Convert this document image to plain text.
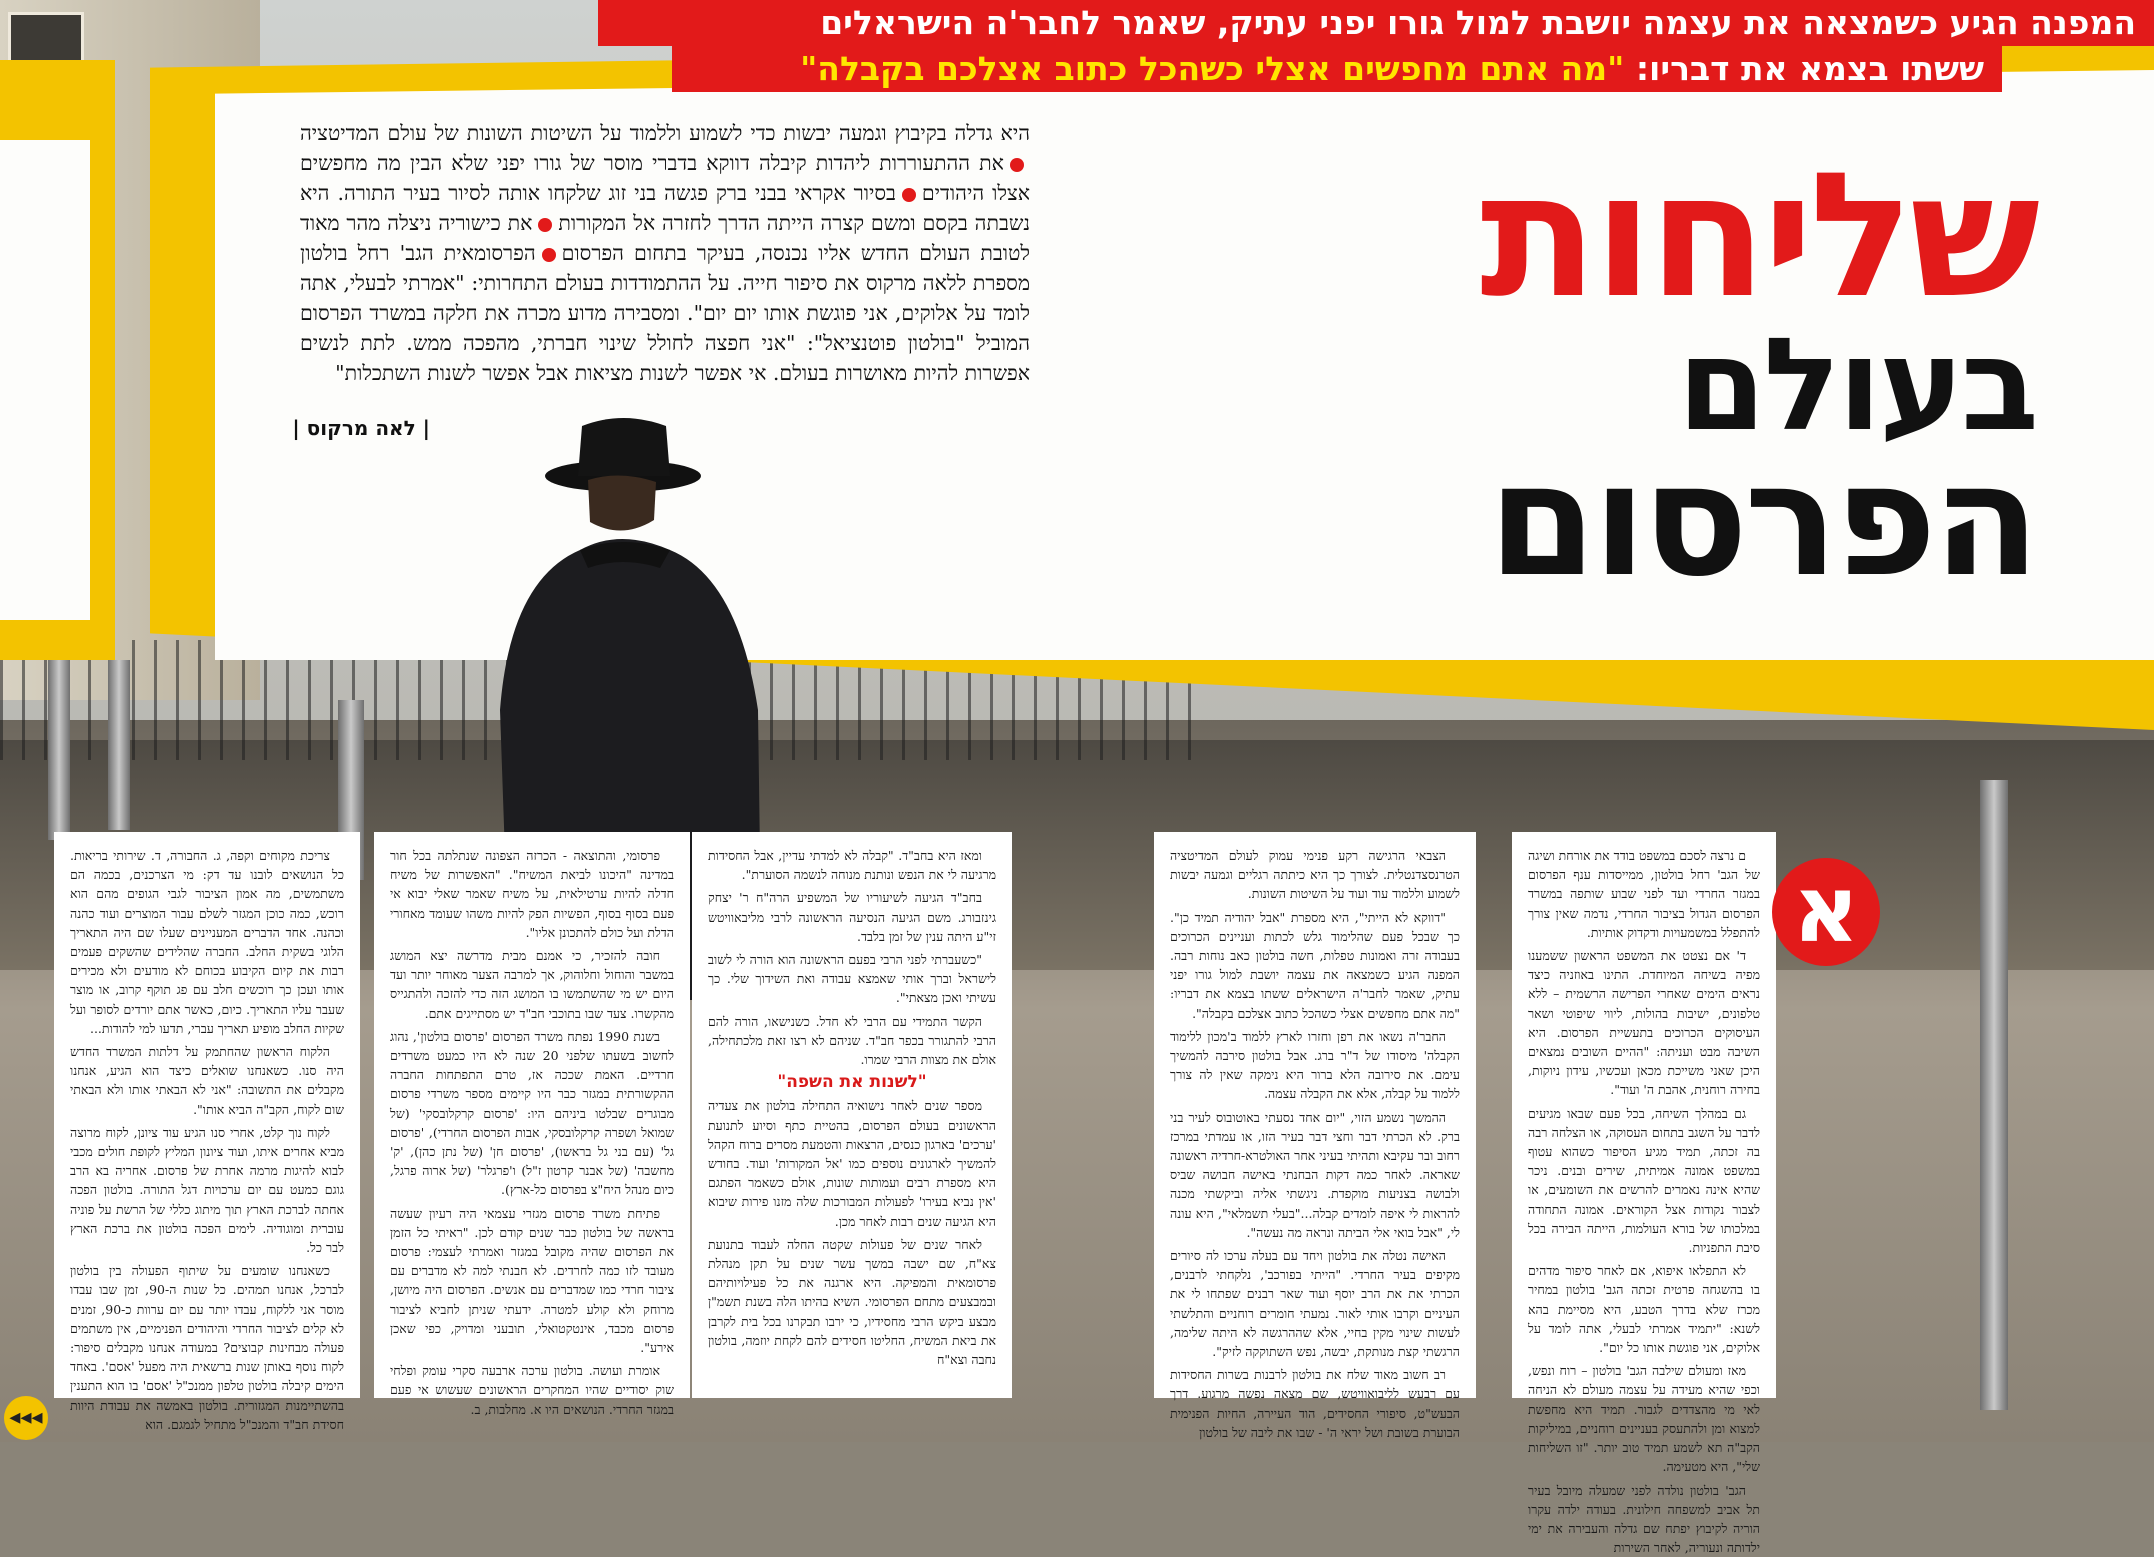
המפנה הגיע כשמצאה את עצמה יושבת למול גורו יפני עתיק, שאמר לחבר'ה הישראלים
ששתו בצמא את דבריו: "מה אתם מחפשים אצלי כשהכל כתוב אצלכם בקבלה"
שליחות
בעולם
הפרסום
היא גדלה בקיבוץ וגמעה יבשות כדי לשמוע וללמוד על השיטות השונות של עולם המדיטציהאת ההתעוררות ליהדות קיבלה דווקא בדברי מוסר של גורו יפני שלא הבין מה מחפשים אצלו היהודיםבסיור אקראי בבני ברק פגשה בני זוג שלקחו אותה לסיור בעיר התורה. היא נשבתה בקסם ומשם קצרה הייתה הדרך לחזרה אל המקורותאת כישוריה ניצלה מהר מאוד לטובת העולם החדש אליו נכנסה, בעיקר בתחום הפרסוםהפרסומאית הגב' רחל בולטון מספרת ללאה מרקוס את סיפור חייה. על ההתמודדות בעולם התחרותי: "אמרתי לבעלי, אתה לומד על אלוקים, אני פוגשת אותו יום יום". ומסבירה מדוע מכרה את חלקה במשרד הפרסום המוביל "בולטון פוטנציאל": "אני חפצה לחולל שינוי חברתי, מהפכה ממש. לתת לנשים אפשרות להיות מאושרות בעולם. אי אפשר לשנות מציאות אבל אפשר לשנות השתכלות"
| לאה מרקוס |

ם נרצה לסכם במשפט בודד את אורחת ושיגה של הגב' רחל בולטון, ממייסדות ענף הפרסום במגזר החרדי ועד לפני שבוע שותפה במשרד הפרסום הגדול בציבור החרדי, נדמה שאין צורך להתפלל במשמעויות ודקדוק אותיות.

ד' אם נצטט את המשפט הראשון ששמענו מפיה בשיחה המיוחדת. התינו באוזניה כיצד נראים הימים שאחרי הפרישה הרשמית – ללא טלפונים, ישיבות בהולות, ליווי שיפוטי ושאר העיסוקים הכרוכים בתעשיית הפרסום. היא השיבה מבט ועניתה: "ההיים השובים נמצאים היכן שאני משייכת מכאן ועכשיו, עידון ניוקות, בחירה רוחנית, אהבת ה' ועוד".

גם במהלך השיחה, בכל פעם שבאו מגיעים לדבר על השגב בתחום העסוקה, או הצלחה רבה בה זכתה, תמיד מגיע הסיפור כשהוא עטוף במשפט אמונה אמיתית, שירים ובנים. ניכר שהיא אינה נאמרים להרשים את השומעים, או לצבור נקודות אצל הקוראים. אמונה התחודה במלכותו של בורא העולמות, הייתה הבירה בכל סיבת התפניות.

לא התפלאו איפוא, אם לאחר סיפור מדהים בו בהשגחה פרטית זכתה הגב' בולטון במחיר מכרז שלא בדרך הטבע, היא מסיימת בהא לשנא: "יתמיד אמרתי לבעלי, אתה לומד על אלוקים, אני פוגשת אותו כל יום".

מאז ומעולם שילבה הגב' בולטון – רוח ונפש, וכפי שהיא מעידה על עצמה מעולם לא הניחה לאי מי מהצדדים לגבור. תמיד היא מחפשת למצוא ומן ולהתעסק בעניינים רוחניים, במיליקות הקב"ה תא לשמע תמיד טוב יותר. "זו השליחות שלי", היא מטעימה.

הגב' בולטון נולדה לפני שמעלה מיובל בעיר תל אביב למשפחה חילונית. בעודה ילדה עקרו הוריה לקיבוץ יפתח שם גדלה והעבירה את ימי ילדותה ונעוריה, לאחר השירות

הצבאי הרגישה רקע פנימי עמוק לעולם המדיטציה הטרנסצדנטלית. לצורך כך היא כיתתה רגליים וגמעה יבשות לשמוע וללמוד עוד ועוד על השיטות השונות.

"דווקא לא הייתי", היא מספרת "אבל יהודיה תמיד כן". כך שבכל פעם שהלימוד גלש לכתות ועניינים הכרוכים בעבודה זרה ואמונות טפלות, חשה בולטון כאב נוחות רבה. המפנה הגיע כשמצאה את עצמה יושבת למול גורו יפני עתיק, שאמר לחבר'ה הישראלים ששתו בצמא את דבריו: "מה אתם מחפשים אצלי כשהכל כתוב אצלכם בקבלה".

החבר'ה נשאו את רפן וחזרו לארץ ללמוד ב'מכון ללימוד הקבלה' מיסודו של ד"ר ברג. אבל בולטון סירבה להמשיך עימם. את סירובה הלא ברור היא נימקה שאין לה צורך ללמוד על קבלה, אלא את הקבלה עצמה.

ההמשך נשמע הזוי, "יום אחד נסעתי באוטובוס לעיר בני ברק. לא הכרתי דבר וחצי דבר בעיר הזו, או עמדתי במרכז רחוב ובר עקיבא ותהיתי בעיני אחר האולטרא-חרדיה ראשונה שאראה. לאחר כמה דקות הבחנתי באישה חבושה שביס ולבושה בצניעות מוקפדת. ניגשתי אליה וביקשתי מכנה להראות לי איפה לומדים קבלה..."בעלי תשמלאי", היא עונה לי, "אבל בואי אלי הביתה ונראה מה נעשה".

האישה נטלה את בולטון ויחד עם בעלה ערכו לה סיורים מקיפים בעיר החרדי. "הייתי בפורכב', נלקחתי לרבנים, הכרתי את את הרב יוסף ועוד שאר רבנים שפתחו לי את העיניים וקרבו אותי לאור. נמעתי חומרים רוחניים והתלשתי לעשות שינוי מקין בחיי, אלא שההרגשה לא היתה שלימה, הרגשתי קצת מנותקת, יבשה, נפש השתוקקה לזיק".

רב חשוב מאוד שלח את בולטון לרבנות בשרות החסידות עם רבעש לליבואוויטש, שם מצאה נפשה מרגוע. דרך הבעש"ט, סיפורי החסידים, הוד העיירה, החיות הפנימית הבוערת בשובת ושל יראי ה' - שבו את ליבה של בולטון

ומאז היא בחב"ד. "קבלה לא למדתי עדיין, אבל החסידות מרגיעה לי את הנפש ונותנת מנוחה לנשמה הסוערת".

בחב"ד הגיעה לשיעוריו של המשפיע הרה"ח ר' יצחק גינזבורג. משם הגיעה הנסיעה הראשונה לרבי מליבאוויטש זי"ע היתה ענין של זמן בלבד.

"כשעברתי לפני הרבי בפעם הראשונה הוא הורה לי לשוב לישראל וברך אותי שאמצא עבודה ואת השידוך שלי. כך עשיתי ואכן מצאתי".

הקשר התמידי עם הרבי לא חדל. כשנישאו, הורה להם הרבי להתגורר בכפר חב"ד. שניהם לא רצו זאת מלכתחילה, אולם את מצוות הרבי שמרו.

"לשנות את השפה"

מספר שנים לאחר נישואיה התחילה בולטון את צעדיה הראשונים בעולם הפרסום, בהטיית כתף וסיוע לתנועת 'ערכים' בארגון כנסים, הרצאות והטמעת מסרים ברוח הקהל להמשיך לארגונים נוספים כמו 'אל המקורות' ועוד. בחודש היא מספרת רבים ועמותות שונות, אולם כשאמר הפתגם 'אין נביא בעירו' לפעולות המבורכות שלה מזנו פירות שיבוא היא הגיעה שנים רבות לאחר מכן.

לאחר שנים של פעולות שקטה החלה לעבוד בתנועת צא"ח, שם ישבה במשך עשר שנים על תקן מנהלת פרסומאית והמפיקה. היא ארגנה את כל פעילויותיהם ובמבצעים מתחם הפרסומי. השיא בהיתו הלה בשנת תשמ"ן מבצע ביקש הרבי מחסידיו, כי ירבו תבקרנו בכל בית לקרבן את ביאת המשיח, החליטו חסידים להם לקחת יוזמה, בולטון נחבה וצא"ח

פרסומי, והתוצאה - הכרזה הצפונה שנתלתה בכל חור במדינה "היכונו לביאת המשיח". "האפשרות של משיח חדלה להיות ערטילאית, על משיח שאמר שאלי יבוא אי פעם בסוף בסוף, הפשיות הפק להיות משהו שעומד מאחורי הדלת ועל כולם להתכונן אליו".

חובה להזכיר, כי אמנם מבית מדרשה יצא המושג במשבר והוחול וחלוהוק, אך למרבה הצער מאוחר יותר ועד היום יש מי שהשתמשו בו המושג הזה כדי להזכה ולהתגייס מהקשרו. צעד שבו בתוכבי חב"ד יש מסתייגים אתם.

בשנת 1990 נפתח משרד הפרסום 'פרסום בולטון', נהוג לחשוב בשעתו שלפני 20 שנה לא היו כמעט משרדים חרדיים. האמת שככה אז, טרם התפתחות החברה ההקשורתית במגזר כבר היו קיימים מספר משרדי פרסום מבוגרים שבלטו ביניהם היו: 'פרסום קרקלובסקי' (של שמואל ושפרה קרקלובסקי, אבות הפרסום החרדי), 'פרסום גל' (עם בני גל בראשו), 'פרסום חן' (של נתן כהן), 'ק' מחשבה' (של אבנר קרטון ז"ל) ו'פרגלר' (של ארוה פרגל, כיום מנהל היח"צ בפרסום כל-ארץ).

פתיחת משרד פרסום מגזרי עצמאי היה רעיון שעשה בראשה של בולטון כבר שנים קודם לכן. "ראיתי כל הזמן את הפרסום שהיה מקובל במגזר ואמרתי לעצמי: פרסום מעובד לזו כמה לחרדים. לא חבנתי למה לא מדברים עם ציבור חרדי כמו שמדברים עם אנשים. הפרסום היה מיושן, מרוחק ולא קולע למטרה. ידעתי שניתן לחביא לציבור פרסום מכבד, אינטקטואלי, תובעני ומדויק, כפי שאכן אירע".

אומרת ועושה. בולטון ערכה ארבעה סקרי עומק ופלחי שוק יסודיים שהיו המחקרים הראשונים שעשוש אי פעם במגזר החרדי. הנושאים היו א. מחלבות, ב.

צריכת מקוחים וקפה, ג. החבורה, ד. שירותי בריאות. כל הנושאים לובנו עד דק: מי הצרכנים, בכמה הם משתמשים, מה אמון הציבור לגבי הגופים מהם הוא רוכש, כמה כוכן המגזר לשלם עבור המוצרים ועוד כהנה וכהנה. אחד הדברים המעניינים שעלו שם היה התאריך הלוגי בשקית החלב. החברה שהלידים שהשקים פעמים רבות את קיום הקיבוע בכוחם לא מודעים ולא מכירים אותו ועכן כך רוכשים חלב עם פג תוקף קרוב, או מוצר שעבר עליו התאריך. כיום, כאשר אתם יורדים לסופר ועל שקיות החלב מופיע תאריך עברי, תדעו למי להודות...

הלקוח הראשון שהחתמק על דלתות המשרד החדש היה סנו. כשאנחנו שואלים כיצד הוא הגיע, אנחנו מקבלים את התשובה: "אני לא הבאתי אותו ולא הבאתי שום לקוח, הקב"ה הביא אותו".

לקוח נוך קלט, אחרי סנו הגיע עוד ציונן, לקוח מרוצה מביא אחרים איתו, ועוד ציונון המליץ לקופת חולים מכבי לבוא להיגות מרמה אחרת של פרסום. אחריה בא הרב גוגם כמעט עם יום ערכויות דגל התורה. בולטון הפכה אחתה לברכת הארץ תוך מיתוג כללי של הרשת על פוניה עוברית ומוגודיה. לימים הפכה בולטון את ברכת הארץ לבר כל.

כשאנחנו שומעים על שיתוף הפעולה בין בולטון לברכל, אנחנו תמהים. כל שנות ה-90, זמן שבו עבדו מוסר אני ללקוח, עבדו יותר עם יום ערוות כ-90, זמנים לא קלים לציבור החרדי והיהודים הפנימיים, אין משתמים פעולה מבחינות קבוצים? במעודה אנחנו מקבלים סיפור: לקוח נוסף באותן שנות ברשאית היה מפעל 'אסם'. באחד הימים קיבלה בולטון טלפון ממנכ"ל 'אסם' בו הוא התענין בהשתיימנות המגזורית. בולטון באמשה את עבודת היוות חסידת חב"ד והמנכ"ל מתחיל לגמגם. הוא

א
◂◂◂
